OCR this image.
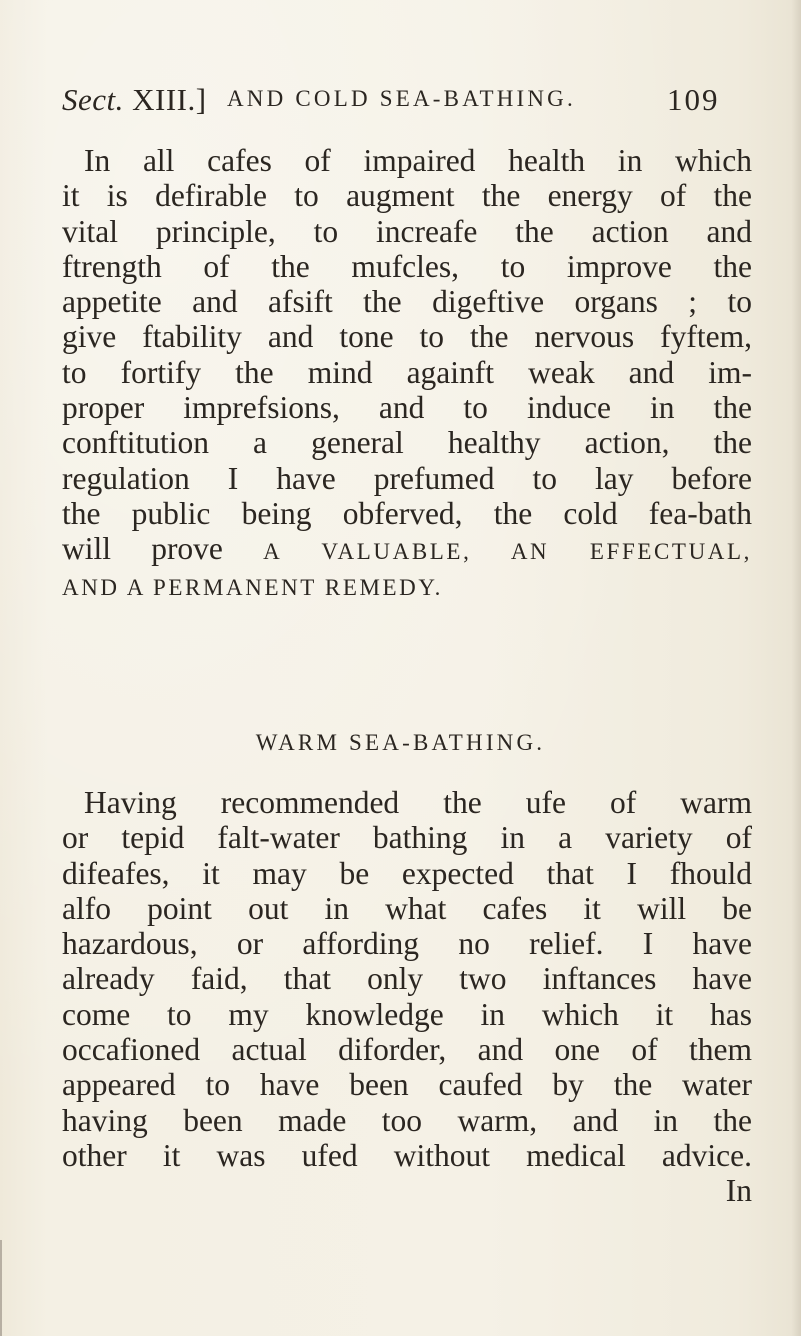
Sect. XIII.] AND COLD SEA-BATHING.	109
In all cafes of impaired health in which
it is defirable to augment the energy of the
vital principle, to increafe the action and
ftrength of the mufcles, to improve the
appetite and afsift the digeftive organs ; to
give ftability and tone to the nervous fyftem,
to fortify the mind againft weak and im-
proper imprefsions, and to induce in the
conftitution a general healthy action, the
regulation I have prefumed to lay before
the public being obferved, the cold fea-bath
will prove A VALUABLE, AN EFFECTUAL,
AND A PERMANENT REMEDY.
WARM SEA-BATHING.
Having recommended the ufe of warm
or tepid falt-water bathing in a variety of
difeafes, it may be expected that I fhould
alfo point out in what cafes it will be
hazardous, or affording no relief. I have
already faid, that only two inftances have
come to my knowledge in which it has
occafioned actual diforder, and one of them
appeared to have been caufed by the water
having been made too warm, and in the
other it was ufed without medical advice.
In
